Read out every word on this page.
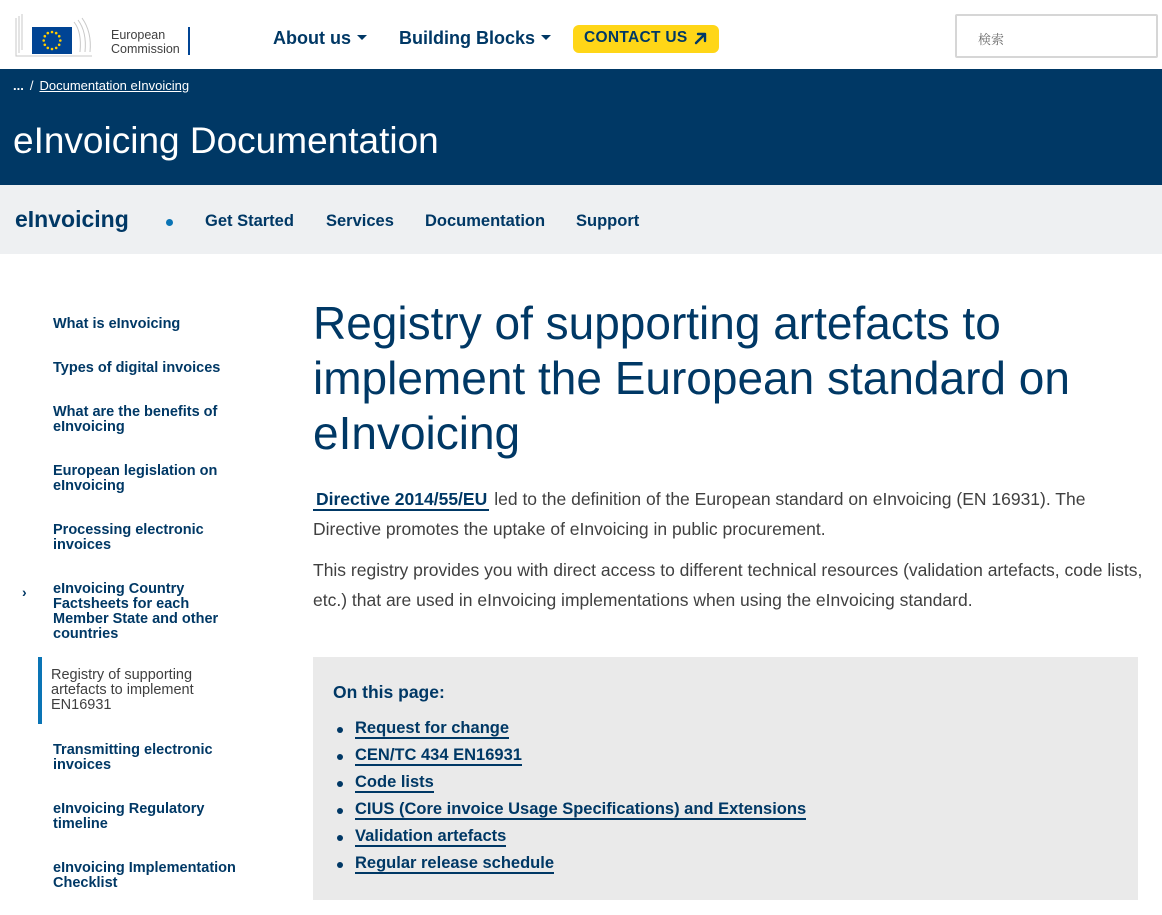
European
Commission
About us	Building Blocks	CONTACT US	検索
... / Documentation eInvoicing
eInvoicing Documentation
eInvoicing	Get Started Services Documentation Support
What is eInvoicing
Types of digital invoices
What are the benefits of eInvoicing
European legislation on eInvoicing
Processing electronic invoices
› eInvoicing Country Factsheets for each Member State and other countries
Registry of supporting artefacts to implement EN16931
Transmitting electronic invoices
eInvoicing Regulatory timeline
eInvoicing Implementation Checklist
Registry of supporting artefacts to implement the European standard on eInvoicing

Directive 2014/55/EU led to the definition of the European standard on eInvoicing (EN 16931). The Directive promotes the uptake of eInvoicing in public procurement.

This registry provides you with direct access to different technical resources (validation artefacts, code lists, etc.) that are used in eInvoicing implementations when using the eInvoicing standard.

On this page:
Request for change
CEN/TC 434 EN16931
Code lists
CIUS (Core invoice Usage Specifications) and Extensions
Validation artefacts
Regular release schedule
